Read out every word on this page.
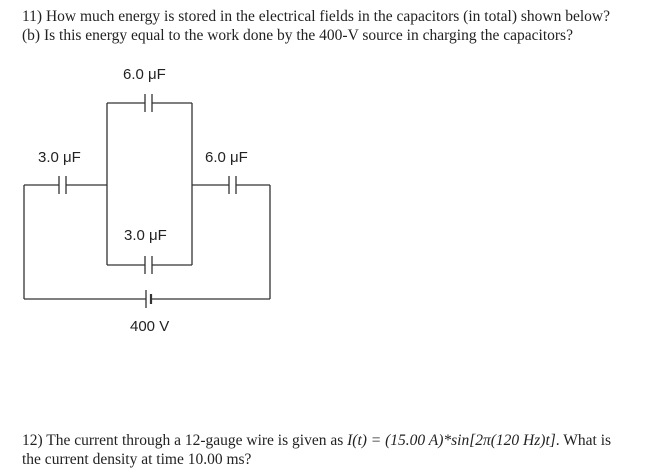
11) How much energy is stored in the electrical fields in the capacitors (in total) shown below?
(b) Is this energy equal to the work done by the 400-V source in charging the capacitors?
6.0 μF
3.0 μF	6.0 μF
3.0 μF
400 V
12) The current through a 12-gauge wire is given as I(t) = (15.00 A)*sin[2π(120 Hz)t]. What is
the current density at time 10.00 ms?
